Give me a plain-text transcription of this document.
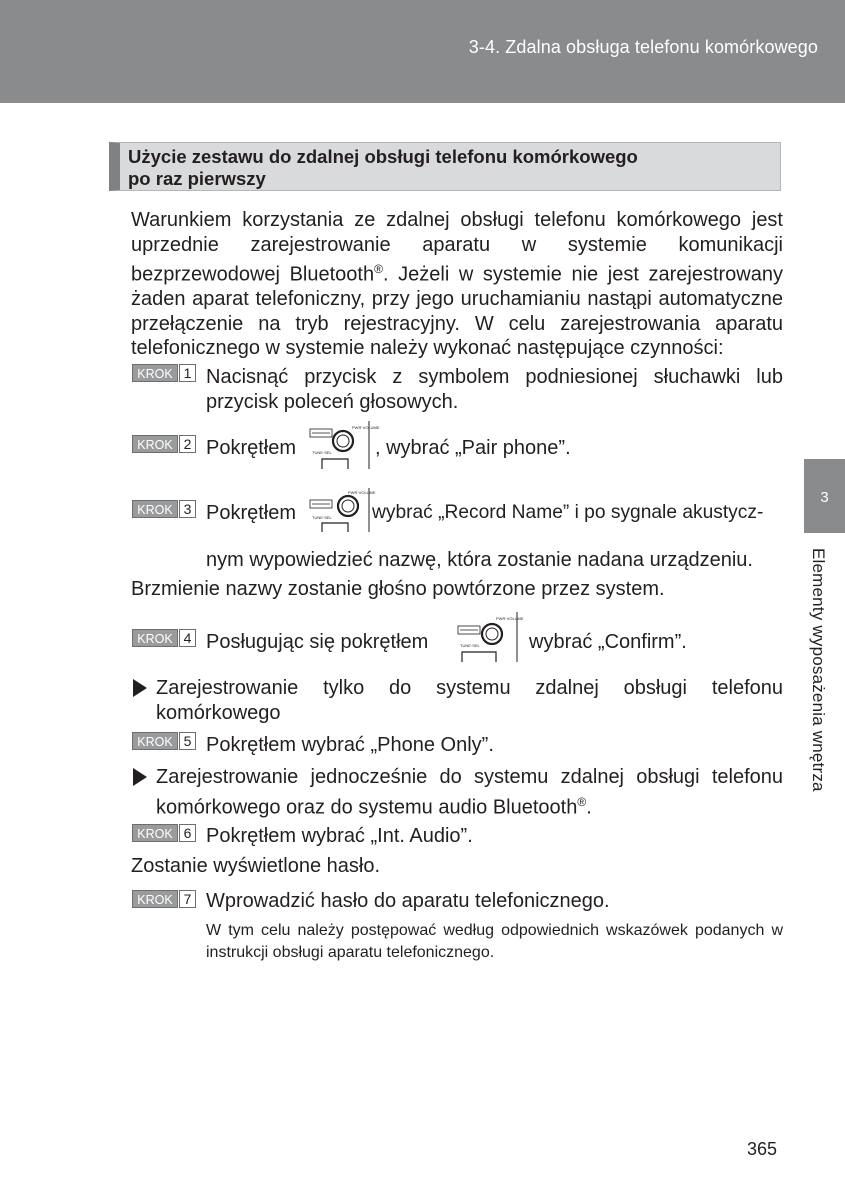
3-4. Zdalna obsługa telefonu komórkowego
Użycie zestawu do zdalnej obsługi telefonu komórkowego
po raz pierwszy
Warunkiem korzystania ze zdalnej obsługi telefonu komórkowego jest uprzednie zarejestrowanie aparatu w systemie komunikacji bezprzewodowej Bluetooth®. Jeżeli w systemie nie jest zarejestrowany żaden aparat telefoniczny, przy jego uruchamianiu nastąpi automatyczne przełączenie na tryb rejestracyjny. W celu zarejestrowania aparatu telefonicznego w systemie należy wykonać następujące czynności:
KROK 1 Nacisnąć przycisk z symbolem podniesionej słuchawki lub przycisk poleceń głosowych.
KROK 2 Pokrętłem
PWR·VOLUME
TUNE·SEL , wybrać „Pair phone”.
KROK 3 Pokrętłem
PWR·VOLUME
TUNE·SEL wybrać „Record Name” i po sygnale akustycz-
nym wypowiedzieć nazwę, która zostanie nadana urządzeniu.
Brzmienie nazwy zostanie głośno powtórzone przez system.
KROK 4 Posługując się pokrętłem
PWR·VOLUME
TUNE·SEL wybrać „Confirm”.
Zarejestrowanie tylko do systemu zdalnej obsługi telefonu komórkowego
KROK 5 Pokrętłem wybrać „Phone Only”.
Zarejestrowanie jednocześnie do systemu zdalnej obsługi telefonu komórkowego oraz do systemu audio Bluetooth®.
KROK 6 Pokrętłem wybrać „Int. Audio”.
Zostanie wyświetlone hasło.
KROK 7 Wprowadzić hasło do aparatu telefonicznego.
W tym celu należy postępować według odpowiednich wskazówek podanych w instrukcji obsługi aparatu telefonicznego.
3
Elementy wyposażenia wnętrza
365
